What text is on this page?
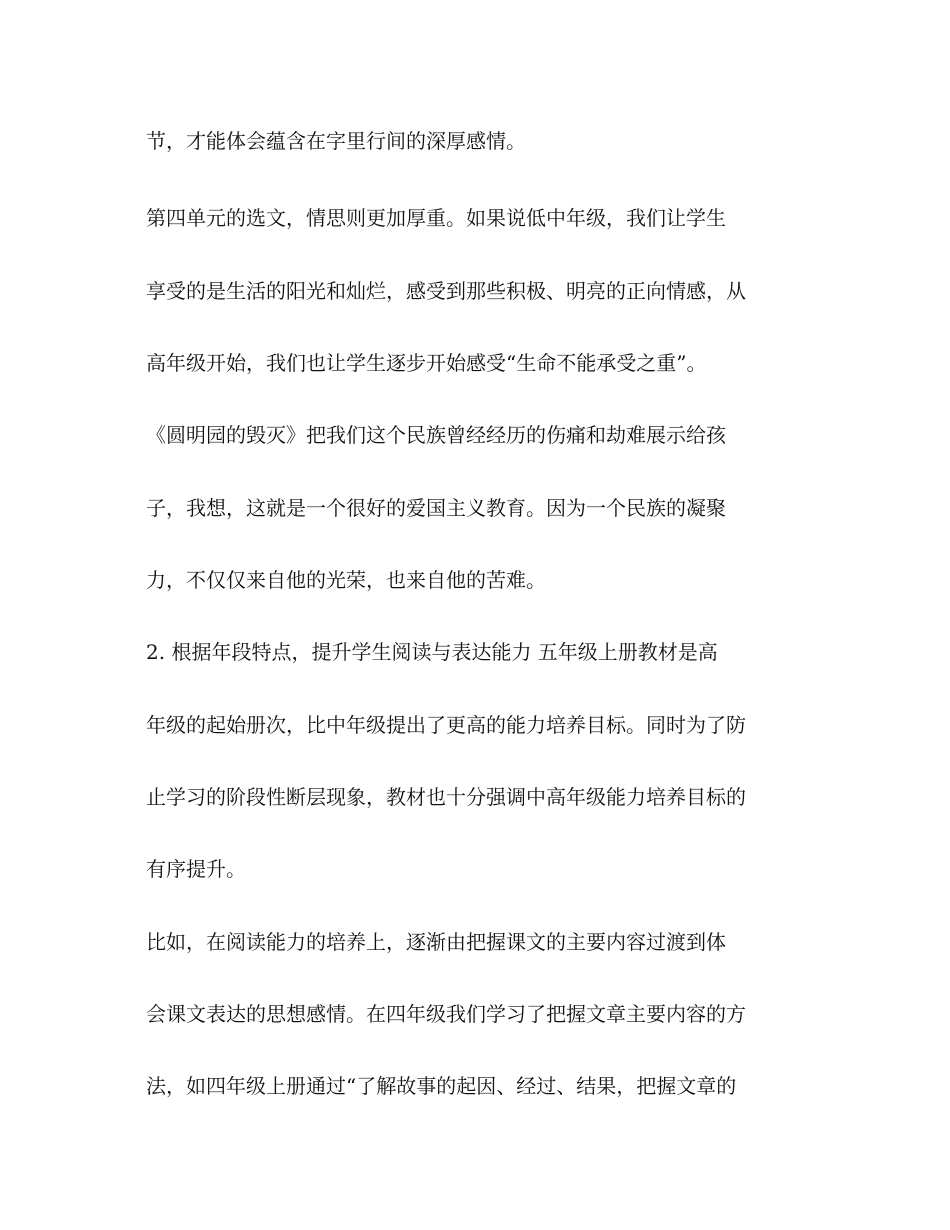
节，才能体会蕴含在字里行间的深厚感情。
第四单元的选文，情思则更加厚重。如果说低中年级，我们让学生
享受的是生活的阳光和灿烂，感受到那些积极、明亮的正向情感，从
高年级开始，我们也让学生逐步开始感受“生命不能承受之重”。
《圆明园的毁灭》把我们这个民族曾经经历的伤痛和劫难展示给孩
子，我想，这就是一个很好的爱国主义教育。因为一个民族的凝聚
力，不仅仅来自他的光荣，也来自他的苦难。
2. 根据年段特点，提升学生阅读与表达能力 五年级上册教材是高
年级的起始册次，比中年级提出了更高的能力培养目标。同时为了防
止学习的阶段性断层现象，教材也十分强调中高年级能力培养目标的
有序提升。
比如，在阅读能力的培养上，逐渐由把握课文的主要内容过渡到体
会课文表达的思想感情。在四年级我们学习了把握文章主要内容的方
法，如四年级上册通过“了解故事的起因、经过、结果，把握文章的
